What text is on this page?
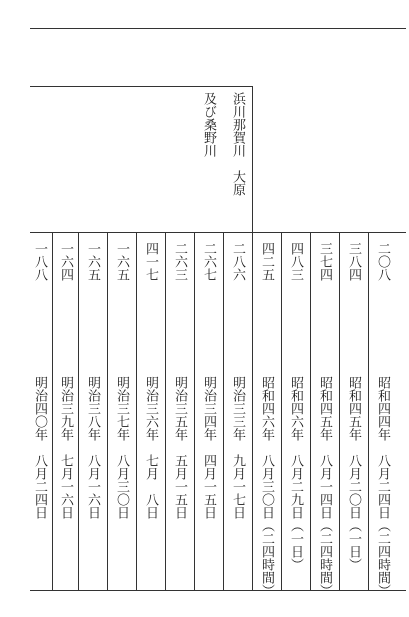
浜川那賀川
及び桑野川
大原
二〇八
昭和四四年　八月二四日（二四時間）
三八四
昭和四五年　八月二〇日（一日）
三七四
昭和四五年　八月一四日（二四時間）
四八三
昭和四六年　八月二九日（一日）
四二五
昭和四六年　八月三〇日（二四時間）
二八六
明治三三年　九月一七日
二六七
明治三四年　四月一五日
二六三
明治三五年　五月一五日
四一七
明治三六年　七月　八日
一六五
明治三七年　八月三〇日
一六五
明治三八年　八月一六日
一六四
明治三九年　七月一六日
一八八
明治四〇年　八月二四日
